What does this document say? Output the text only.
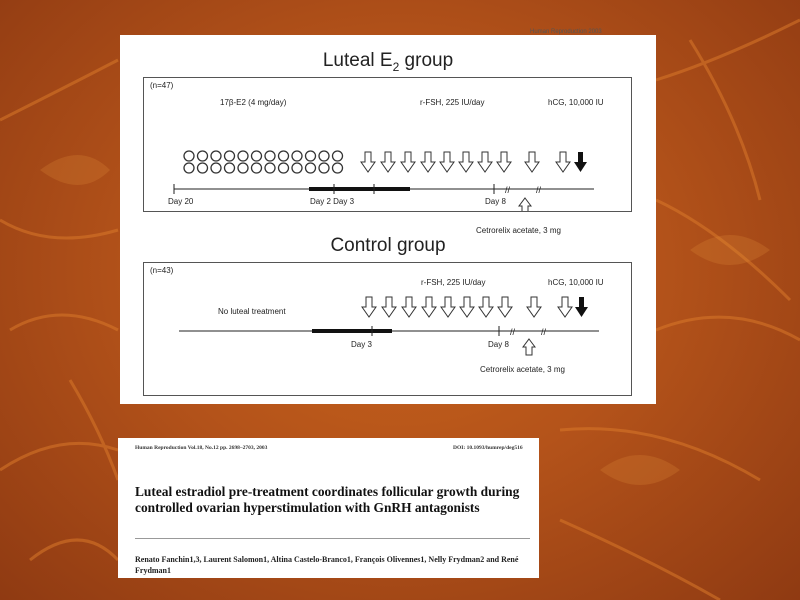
Human Reproduction 2003
Luteal $E_2$ group
//	//
(n=47)
17β-E2 (4 mg/day)	r-FSH, 225 IU/day	hCG, 10,000 IU
Day 20	Day 2 Day 3	Day 8
Cetrorelix acetate, 3 mg
Control group
//	//
(n=43)
No luteal treatment
r-FSH, 225 IU/day	hCG, 10,000 IU
Day 3	Day 8
Cetrorelix acetate, 3 mg
Human Reproduction Vol.18, No.12 pp. 2698–2703, 2003	DOI: 10.1093/humrep/deg516
Luteal estradiol pre-treatment coordinates follicular growth during controlled ovarian hyperstimulation with GnRH antagonists
Renato Fanchin1,3, Laurent Salomon1, Altina Castelo-Branco1, François Olivennes1, Nelly Frydman2 and René Frydman1
